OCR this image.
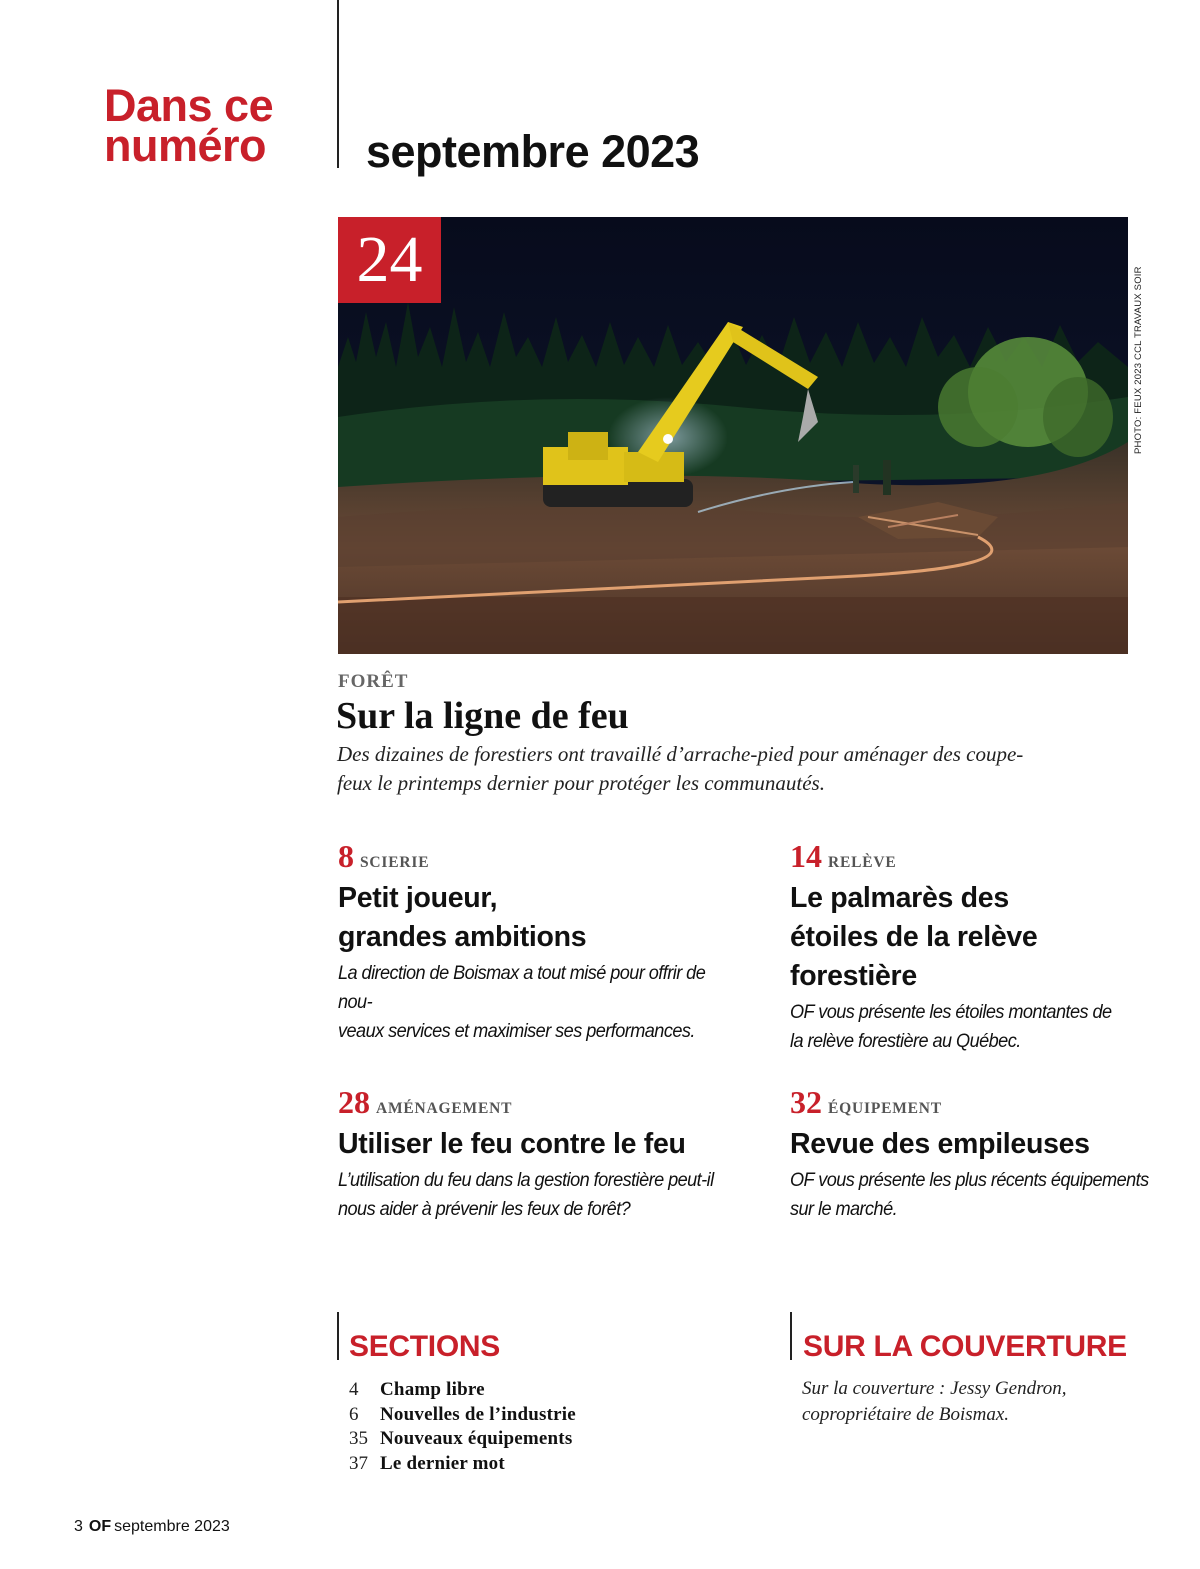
Dans ce
numéro	septembre 2023
24
PHOTO: FEUX 2023 CCL TRAVAUX SOIR
FORÊT
Sur la ligne de feu
Des dizaines de forestiers ont travaillé d’arrache-pied pour aménager des coupe-feux le printemps dernier pour protéger les communautés.
8 SCIERIE
Petit joueur,
grandes ambitions
La direction de Boismax a tout misé pour offrir de nou-
veaux services et maximiser ses performances.
14 RELÈVE
Le palmarès des
étoiles de la relève
forestière
OF vous présente les étoiles montantes de
la relève forestière au Québec.
28 AMÉNAGEMENT
Utiliser le feu contre le feu
L’utilisation du feu dans la gestion forestière peut-il
nous aider à prévenir les feux de forêt?
32 ÉQUIPEMENT
Revue des empileuses
OF vous présente les plus récents équipements
sur le marché.
SECTIONS
4 Champ libre
6 Nouvelles de l’industrie
35 Nouveaux équipements
37 Le dernier mot
SUR LA COUVERTURE
Sur la couverture : Jessy Gendron,
copropriétaire de Boismax.
3 OF septembre 2023
